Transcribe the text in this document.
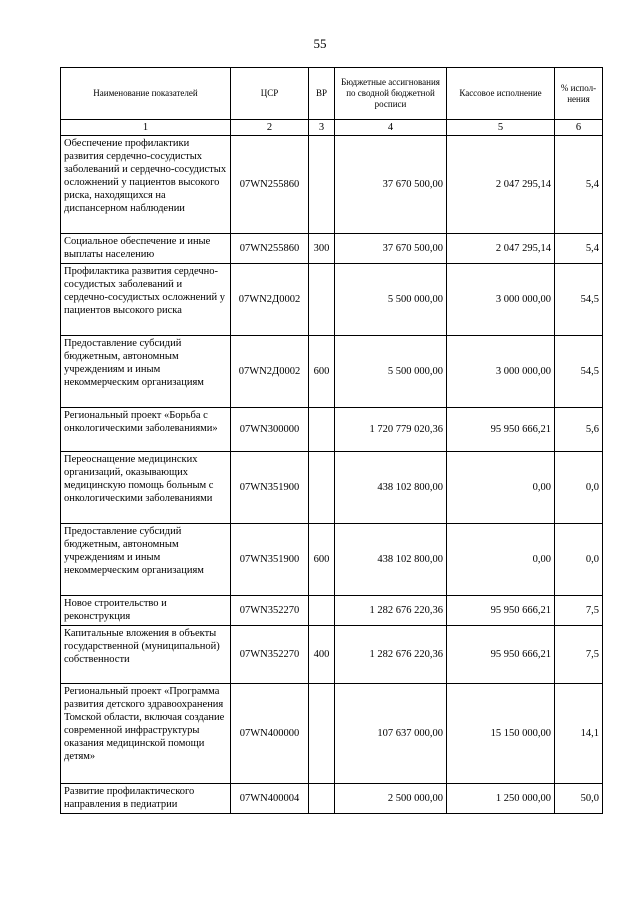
55
Наименование показателей	ЦСР	ВР	Бюджетные ассигнования по сводной бюджетной росписи	Кассовое исполнение	% испол-нения
1	2	3	4	5	6
Обеспечение профилактики развития сердечно-сосудистых заболеваний и сердечно-сосудистых осложнений у пациентов высокого риска, находящихся на диспансерном наблюдении	07WN255860		37 670 500,00	2 047 295,14	5,4
Социальное обеспечение и иные выплаты населению	07WN255860	300	37 670 500,00	2 047 295,14	5,4
Профилактика развития сердечно-сосудистых заболеваний и сердечно-сосудистых осложнений у пациентов высокого риска	07WN2Д0002		5 500 000,00	3 000 000,00	54,5
Предоставление субсидий бюджетным, автономным учреждениям и иным некоммерческим организациям	07WN2Д0002	600	5 500 000,00	3 000 000,00	54,5
Региональный проект «Борьба с онкологическими заболеваниями»	07WN300000		1 720 779 020,36	95 950 666,21	5,6
Переоснащение медицинских организаций, оказывающих медицинскую помощь больным с онкологическими заболеваниями	07WN351900		438 102 800,00	0,00	0,0
Предоставление субсидий бюджетным, автономным учреждениям и иным некоммерческим организациям	07WN351900	600	438 102 800,00	0,00	0,0
Новое строительство и реконструкция	07WN352270		1 282 676 220,36	95 950 666,21	7,5
Капитальные вложения в объекты государственной (муниципальной) собственности	07WN352270	400	1 282 676 220,36	95 950 666,21	7,5
Региональный проект «Программа развития детского здравоохранения Томской области, включая создание современной инфраструктуры оказания медицинской помощи детям»	07WN400000		107 637 000,00	15 150 000,00	14,1
Развитие профилактического направления в педиатрии	07WN400004		2 500 000,00	1 250 000,00	50,0
